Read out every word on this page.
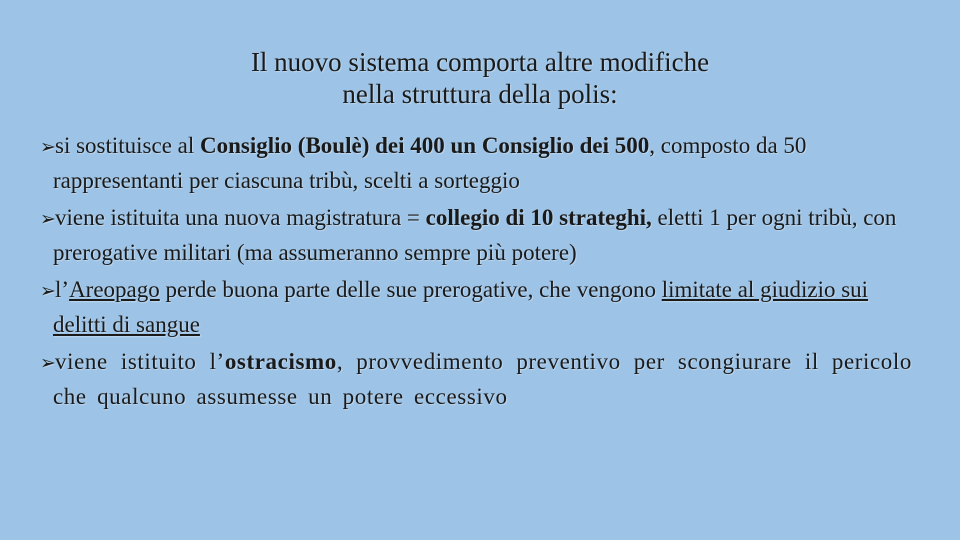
Il nuovo sistema comporta altre modifiche
nella struttura della polis:
➢si sostituisce al Consiglio (Boulè) dei 400 un Consiglio dei 500, composto da 50 rappresentanti per ciascuna tribù, scelti a sorteggio
➢viene istituita una nuova magistratura = collegio di 10 strateghi, eletti 1 per ogni tribù, con prerogative militari (ma assumeranno sempre più potere)
➢l’Areopago perde buona parte delle sue prerogative, che vengono limitate al giudizio sui delitti di sangue
➢viene istituito l’ostracismo, provvedimento preventivo per scongiurare il pericolo che qualcuno assumesse un potere eccessivo
